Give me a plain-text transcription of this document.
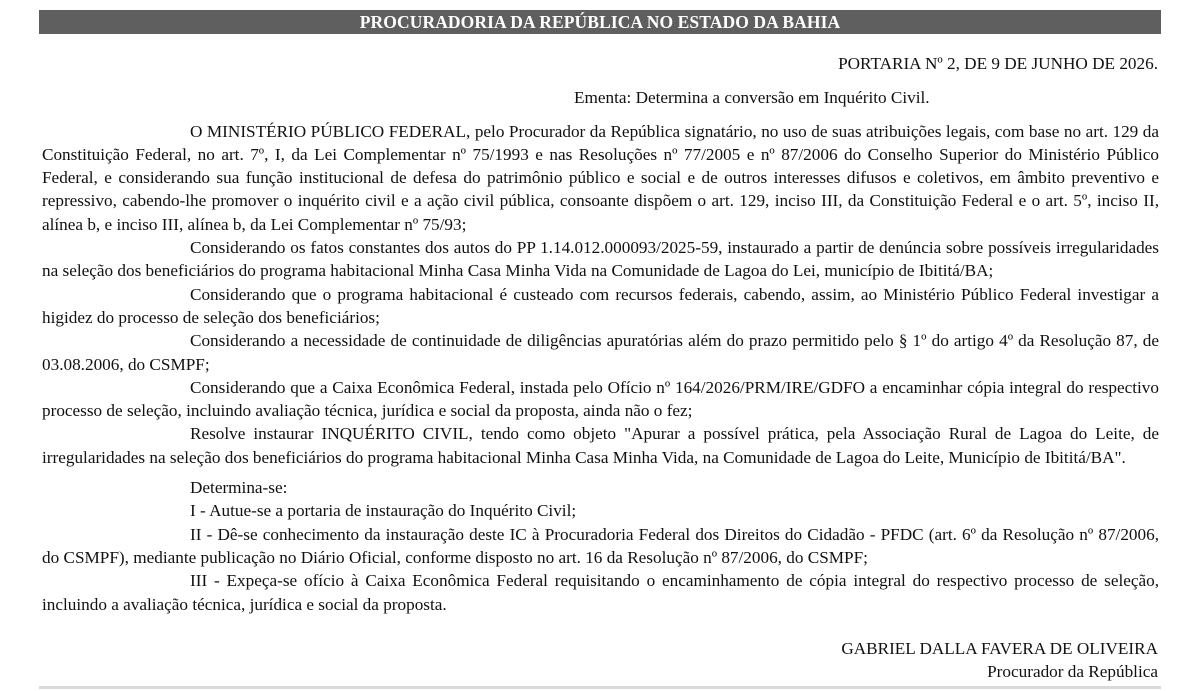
PROCURADORIA DA REPÚBLICA NO ESTADO DA BAHIA
PORTARIA Nº 2, DE 9 DE JUNHO DE 2026.
Ementa: Determina a conversão em Inquérito Civil.

O MINISTÉRIO PÚBLICO FEDERAL, pelo Procurador da República signatário, no uso de suas atribuições legais, com base no art. 129 da Constituição Federal, no art. 7º, I, da Lei Complementar nº 75/1993 e nas Resoluções nº 77/2005 e nº 87/2006 do Conselho Superior do Ministério Público Federal, e considerando sua função institucional de defesa do patrimônio público e social e de outros interesses difusos e coletivos, em âmbito preventivo e repressivo, cabendo-lhe promover o inquérito civil e a ação civil pública, consoante dispõem o art. 129, inciso III, da Constituição Federal e o art. 5º, inciso II, alínea b, e inciso III, alínea b, da Lei Complementar nº 75/93;

Considerando os fatos constantes dos autos do PP 1.14.012.000093/2025-59, instaurado a partir de denúncia sobre possíveis irregularidades na seleção dos beneficiários do programa habitacional Minha Casa Minha Vida na Comunidade de Lagoa do Lei, município de Ibititá/BA;

Considerando que o programa habitacional é custeado com recursos federais, cabendo, assim, ao Ministério Público Federal investigar a higidez do processo de seleção dos beneficiários;

Considerando a necessidade de continuidade de diligências apuratórias além do prazo permitido pelo § 1º do artigo 4º da Resolução 87, de 03.08.2006, do CSMPF;

Considerando que a Caixa Econômica Federal, instada pelo Ofício nº 164/2026/PRM/IRE/GDFO a encaminhar cópia integral do respectivo processo de seleção, incluindo avaliação técnica, jurídica e social da proposta, ainda não o fez;

Resolve instaurar INQUÉRITO CIVIL, tendo como objeto "Apurar a possível prática, pela Associação Rural de Lagoa do Leite, de irregularidades na seleção dos beneficiários do programa habitacional Minha Casa Minha Vida, na Comunidade de Lagoa do Leite, Município de Ibititá/BA".

Determina-se:

I - Autue-se a portaria de instauração do Inquérito Civil;

II - Dê-se conhecimento da instauração deste IC à Procuradoria Federal dos Direitos do Cidadão - PFDC (art. 6º da Resolução nº 87/2006, do CSMPF), mediante publicação no Diário Oficial, conforme disposto no art. 16 da Resolução nº 87/2006, do CSMPF;

III - Expeça-se ofício à Caixa Econômica Federal requisitando o encaminhamento de cópia integral do respectivo processo de seleção, incluindo a avaliação técnica, jurídica e social da proposta.

GABRIEL DALLA FAVERA DE OLIVEIRA
Procurador da República
